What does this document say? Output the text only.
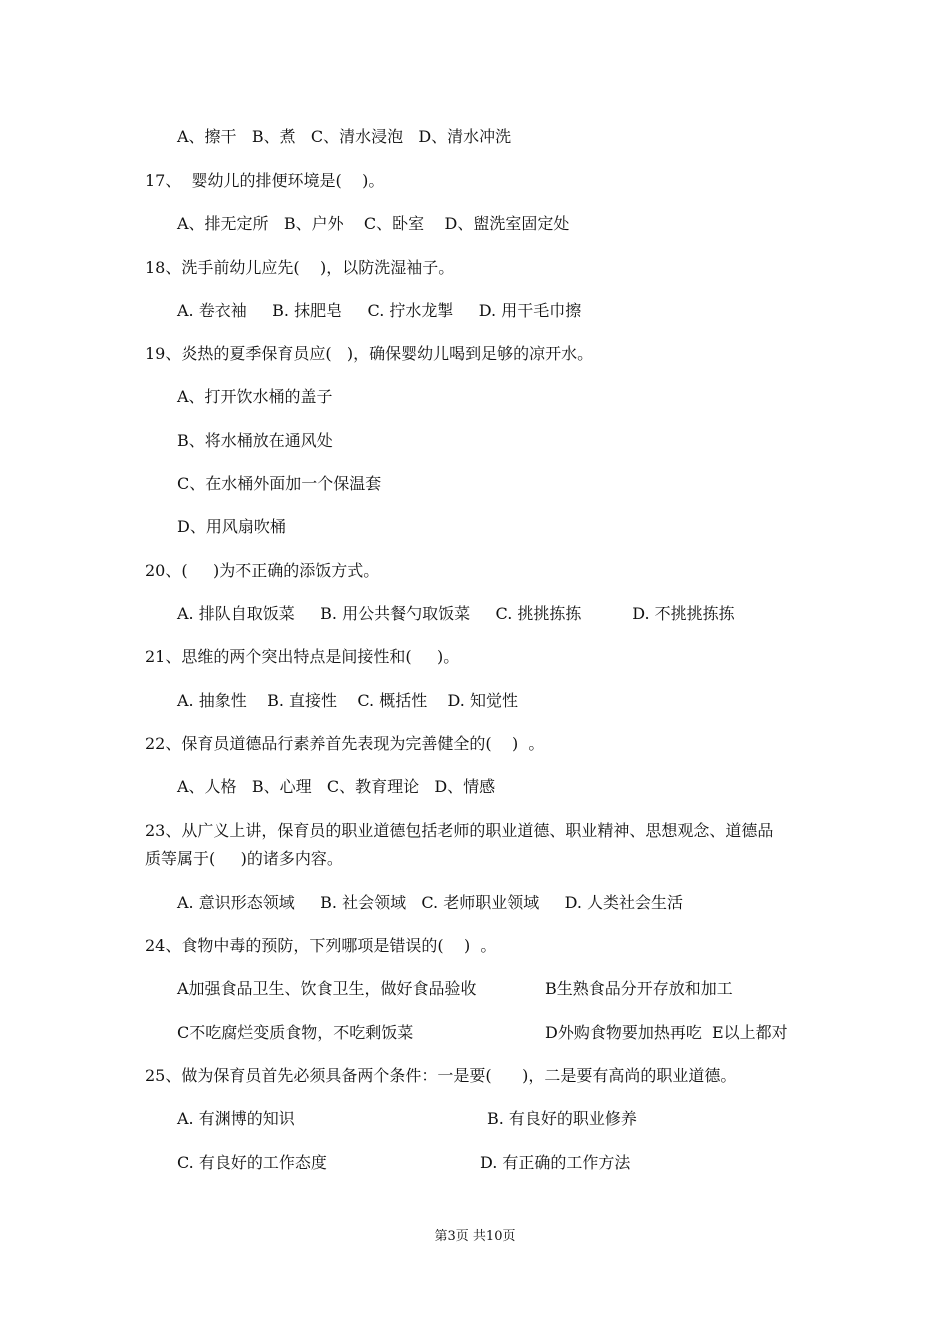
A、擦干   B、煮   C、清水浸泡   D、清水冲洗
17、  婴幼儿的排便环境是(    )。
A、排无定所   B、户外    C、卧室    D、盥洗室固定处
18、洗手前幼儿应先(    )，以防洗湿袖子。
A. 卷衣袖     B. 抹肥皂     C. 拧水龙掣     D. 用干毛巾擦
19、炎热的夏季保育员应(   )，确保婴幼儿喝到足够的凉开水。
A、打开饮水桶的盖子
B、将水桶放在通风处
C、在水桶外面加一个保温套
D、用风扇吹桶
20、(     )为不正确的添饭方式。
A. 排队自取饭菜     B. 用公共餐勺取饭菜     C. 挑挑拣拣          D. 不挑挑拣拣
21、思维的两个突出特点是间接性和(     )。
A. 抽象性    B. 直接性    C. 概括性    D. 知觉性
22、保育员道德品行素养首先表现为完善健全的(    )  。
A、人格   B、心理   C、教育理论   D、情感
23、从广义上讲，保育员的职业道德包括老师的职业道德、职业精神、思想观念、道德品
质等属于(     )的诸多内容。
A. 意识形态领域     B. 社会领域   C. 老师职业领域     D. 人类社会生活
24、食物中毒的预防，下列哪项是错误的(    )  。
A加强食品卫生、饮食卫生，做好食品验收	B生熟食品分开存放和加工
C不吃腐烂变质食物，不吃剩饭菜	D外购食物要加热再吃  E以上都对
25、做为保育员首先必须具备两个条件：一是要(      )，二是要有高尚的职业道德。
A. 有渊博的知识	B. 有良好的职业修养
C. 有良好的工作态度	D. 有正确的工作方法
第3页 共10页
